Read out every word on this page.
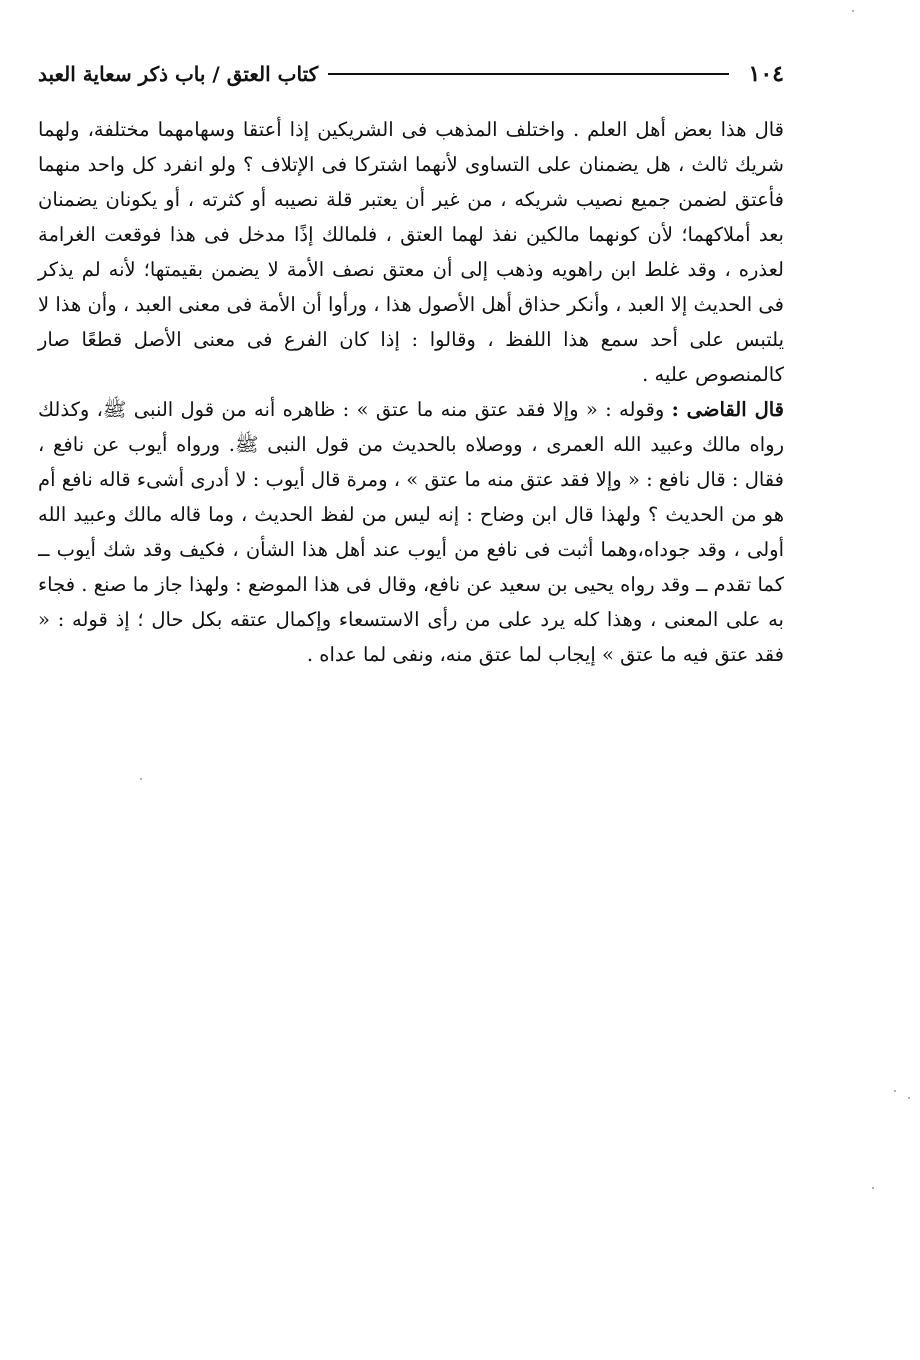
١٠٤
كتاب العتق / باب ذكر سعاية العبد

قال هذا بعض أهل العلم . واختلف المذهب فى الشريكين إذا أعتقا وسهامهما مختلفة، ولهما شريك ثالث ، هل يضمنان على التساوى لأنهما اشتركا فى الإتلاف ؟ ولو انفرد كل واحد منهما فأعتق لضمن جميع نصيب شريكه ، من غير أن يعتبر قلة نصيبه أو كثرته ، أو يكونان يضمنان بعد أملاكهما؛ لأن كونهما مالكين نفذ لهما العتق ، فلمالك إذًا مدخل فى هذا فوقعت الغرامة لعذره ، وقد غلط ابن راهويه وذهب إلى أن معتق نصف الأمة لا يضمن بقيمتها؛ لأنه لم يذكر فى الحديث إلا العبد ، وأنكر حذاق أهل الأصول هذا ، ورأوا أن الأمة فى معنى العبد ، وأن هذا لا يلتبس على أحد سمع هذا اللفظ ، وقالوا : إذا كان الفرع فى معنى الأصل قطعًا صار كالمنصوص عليه .

قال القاضى : وقوله : « وإلا فقد عتق منه ما عتق » : ظاهره أنه من قول النبى ﷺ، وكذلك رواه مالك وعبيد الله العمرى ، ووصلاه بالحديث من قول النبى ﷺ. ورواه أيوب عن نافع ، فقال : قال نافع : « وإلا فقد عتق منه ما عتق » ، ومرة قال أيوب : لا أدرى أشىء قاله نافع أم هو من الحديث ؟ ولهذا قال ابن وضاح : إنه ليس من لفظ الحديث ، وما قاله مالك وعبيد الله أولى ، وقد جوداه،وهما أثبت فى نافع من أيوب عند أهل هذا الشأن ، فكيف وقد شك أيوب ــ كما تقدم ــ وقد رواه يحيى بن سعيد عن نافع، وقال فى هذا الموضع : ولهذا جاز ما صنع . فجاء به على المعنى ، وهذا كله يرد على من رأى الاستسعاء وإكمال عتقه بكل حال ؛ إذ قوله : « فقد عتق فيه ما عتق » إيجاب لما عتق منه، ونفى لما عداه .
